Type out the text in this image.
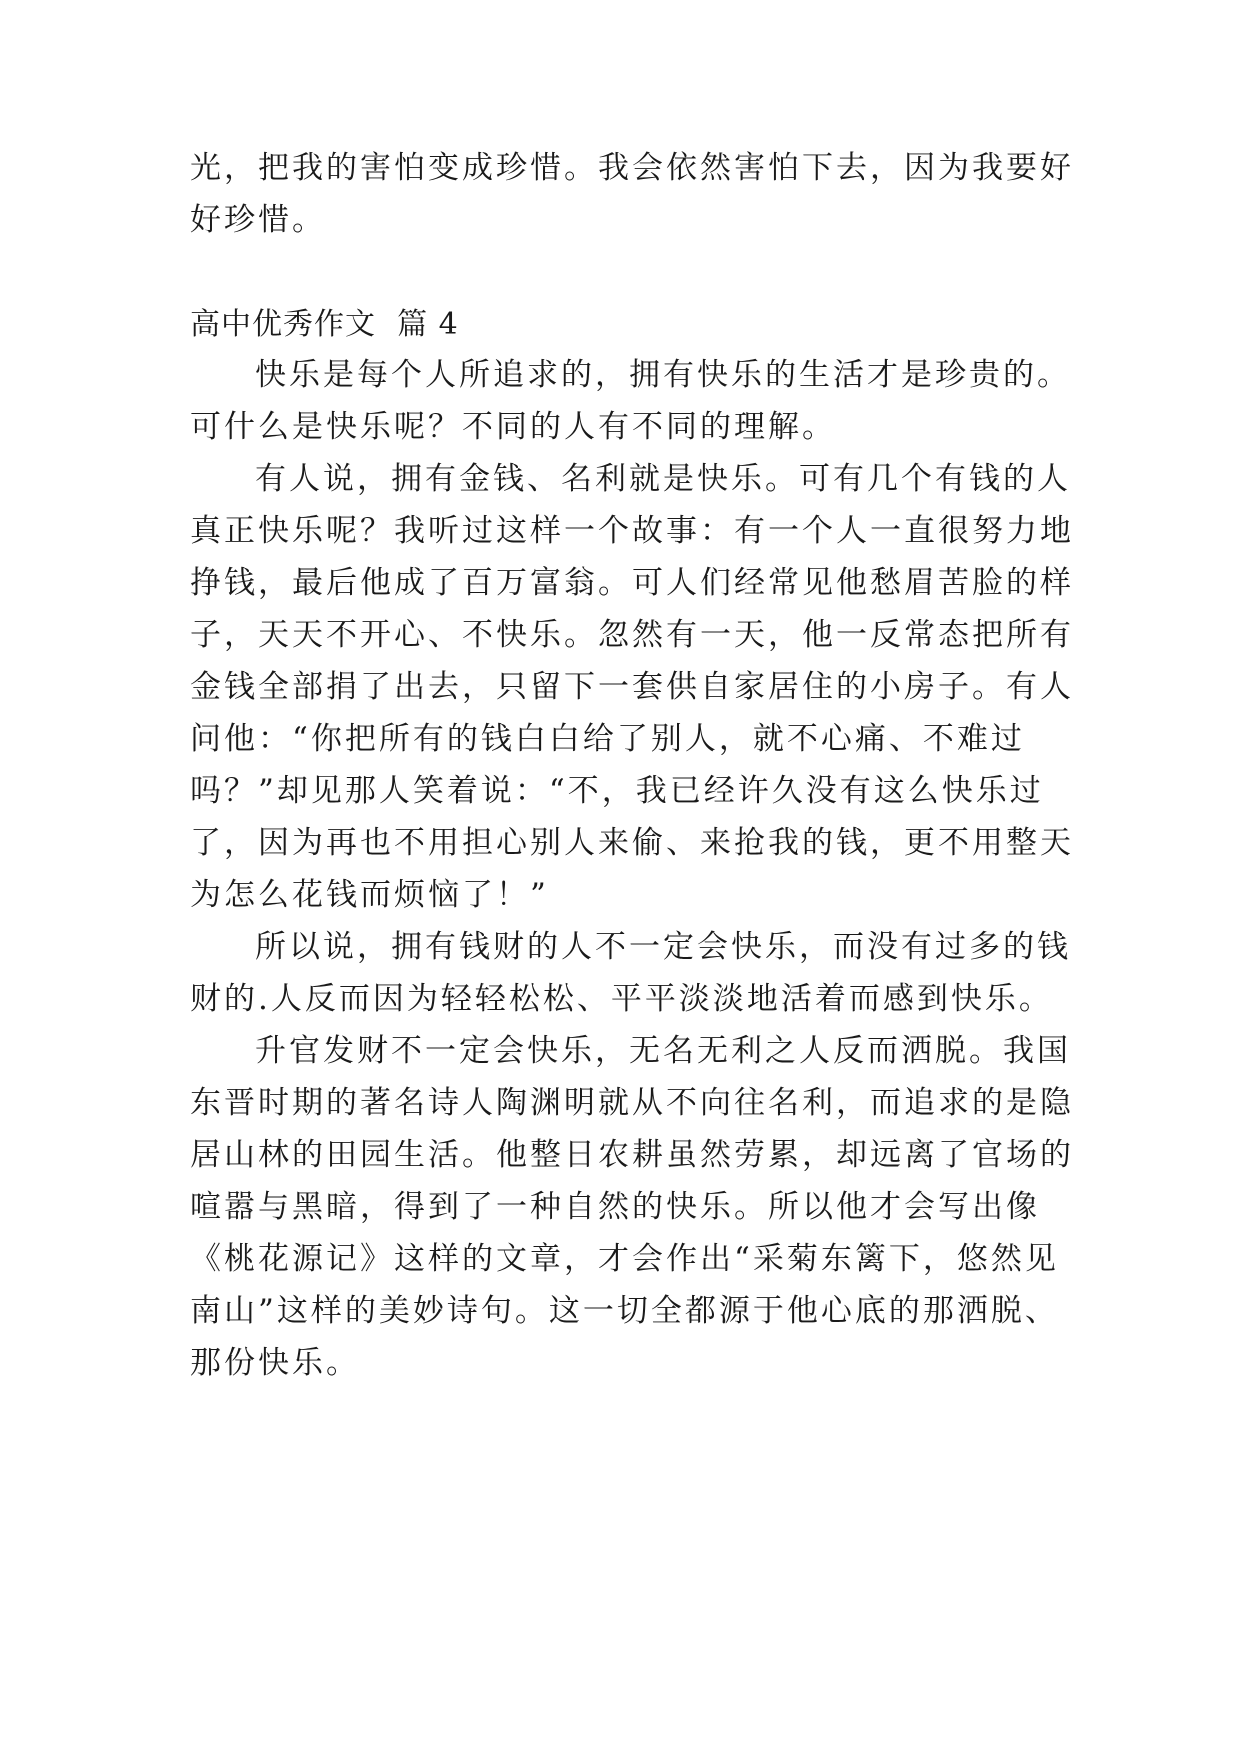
光，把我的害怕变成珍惜。我会依然害怕下去，因为我要好
好珍惜。
高中优秀作文  篇 4
快乐是每个人所追求的，拥有快乐的生活才是珍贵的。
可什么是快乐呢？不同的人有不同的理解。
有人说，拥有金钱、名利就是快乐。可有几个有钱的人
真正快乐呢？我听过这样一个故事：有一个人一直很努力地
挣钱，最后他成了百万富翁。可人们经常见他愁眉苦脸的样
子，天天不开心、不快乐。忽然有一天，他一反常态把所有
金钱全部捐了出去，只留下一套供自家居住的小房子。有人
问他：“你把所有的钱白白给了别人，就不心痛、不难过
吗？”却见那人笑着说：“不，我已经许久没有这么快乐过
了，因为再也不用担心别人来偷、来抢我的钱，更不用整天
为怎么花钱而烦恼了！”
所以说，拥有钱财的人不一定会快乐，而没有过多的钱
财的.人反而因为轻轻松松、平平淡淡地活着而感到快乐。
升官发财不一定会快乐，无名无利之人反而洒脱。我国
东晋时期的著名诗人陶渊明就从不向往名利，而追求的是隐
居山林的田园生活。他整日农耕虽然劳累，却远离了官场的
喧嚣与黑暗，得到了一种自然的快乐。所以他才会写出像
《桃花源记》这样的文章，才会作出“采菊东篱下，悠然见
南山”这样的美妙诗句。这一切全都源于他心底的那洒脱、
那份快乐。
